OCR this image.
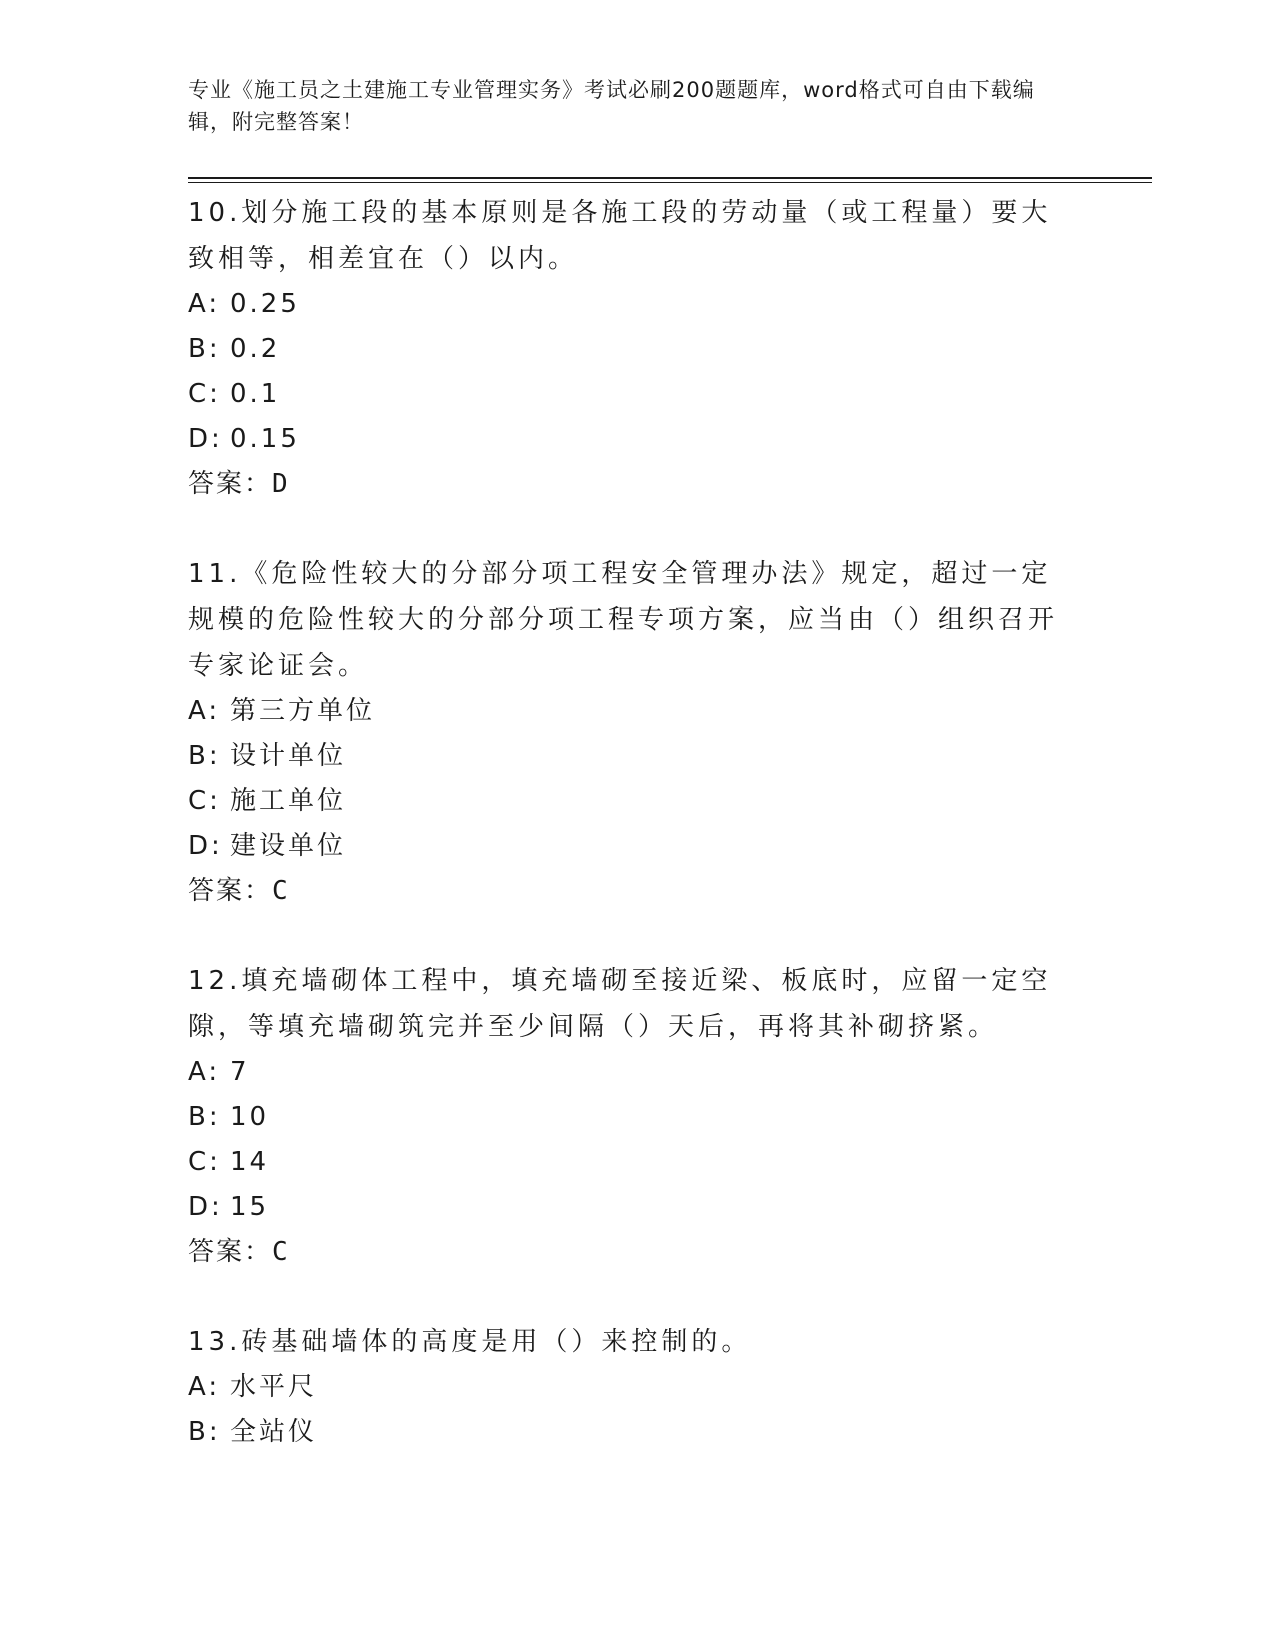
专业《施工员之土建施工专业管理实务》考试必刷200题题库，word格式可自由下载编辑，附完整答案！
10.划分施工段的基本原则是各施工段的劳动量（或工程量）要大致相等，相差宜在（）以内。
A: 0.25
B: 0.2
C: 0.1
D: 0.15
答案：D
11.《危险性较大的分部分项工程安全管理办法》规定，超过一定规模的危险性较大的分部分项工程专项方案，应当由（）组织召开专家论证会。
A: 第三方单位
B: 设计单位
C: 施工单位
D: 建设单位
答案：C
12.填充墙砌体工程中，填充墙砌至接近梁、板底时，应留一定空隙，等填充墙砌筑完并至少间隔（）天后，再将其补砌挤紧。
A: 7
B: 10
C: 14
D: 15
答案：C
13.砖基础墙体的高度是用（）来控制的。
A: 水平尺
B: 全站仪
